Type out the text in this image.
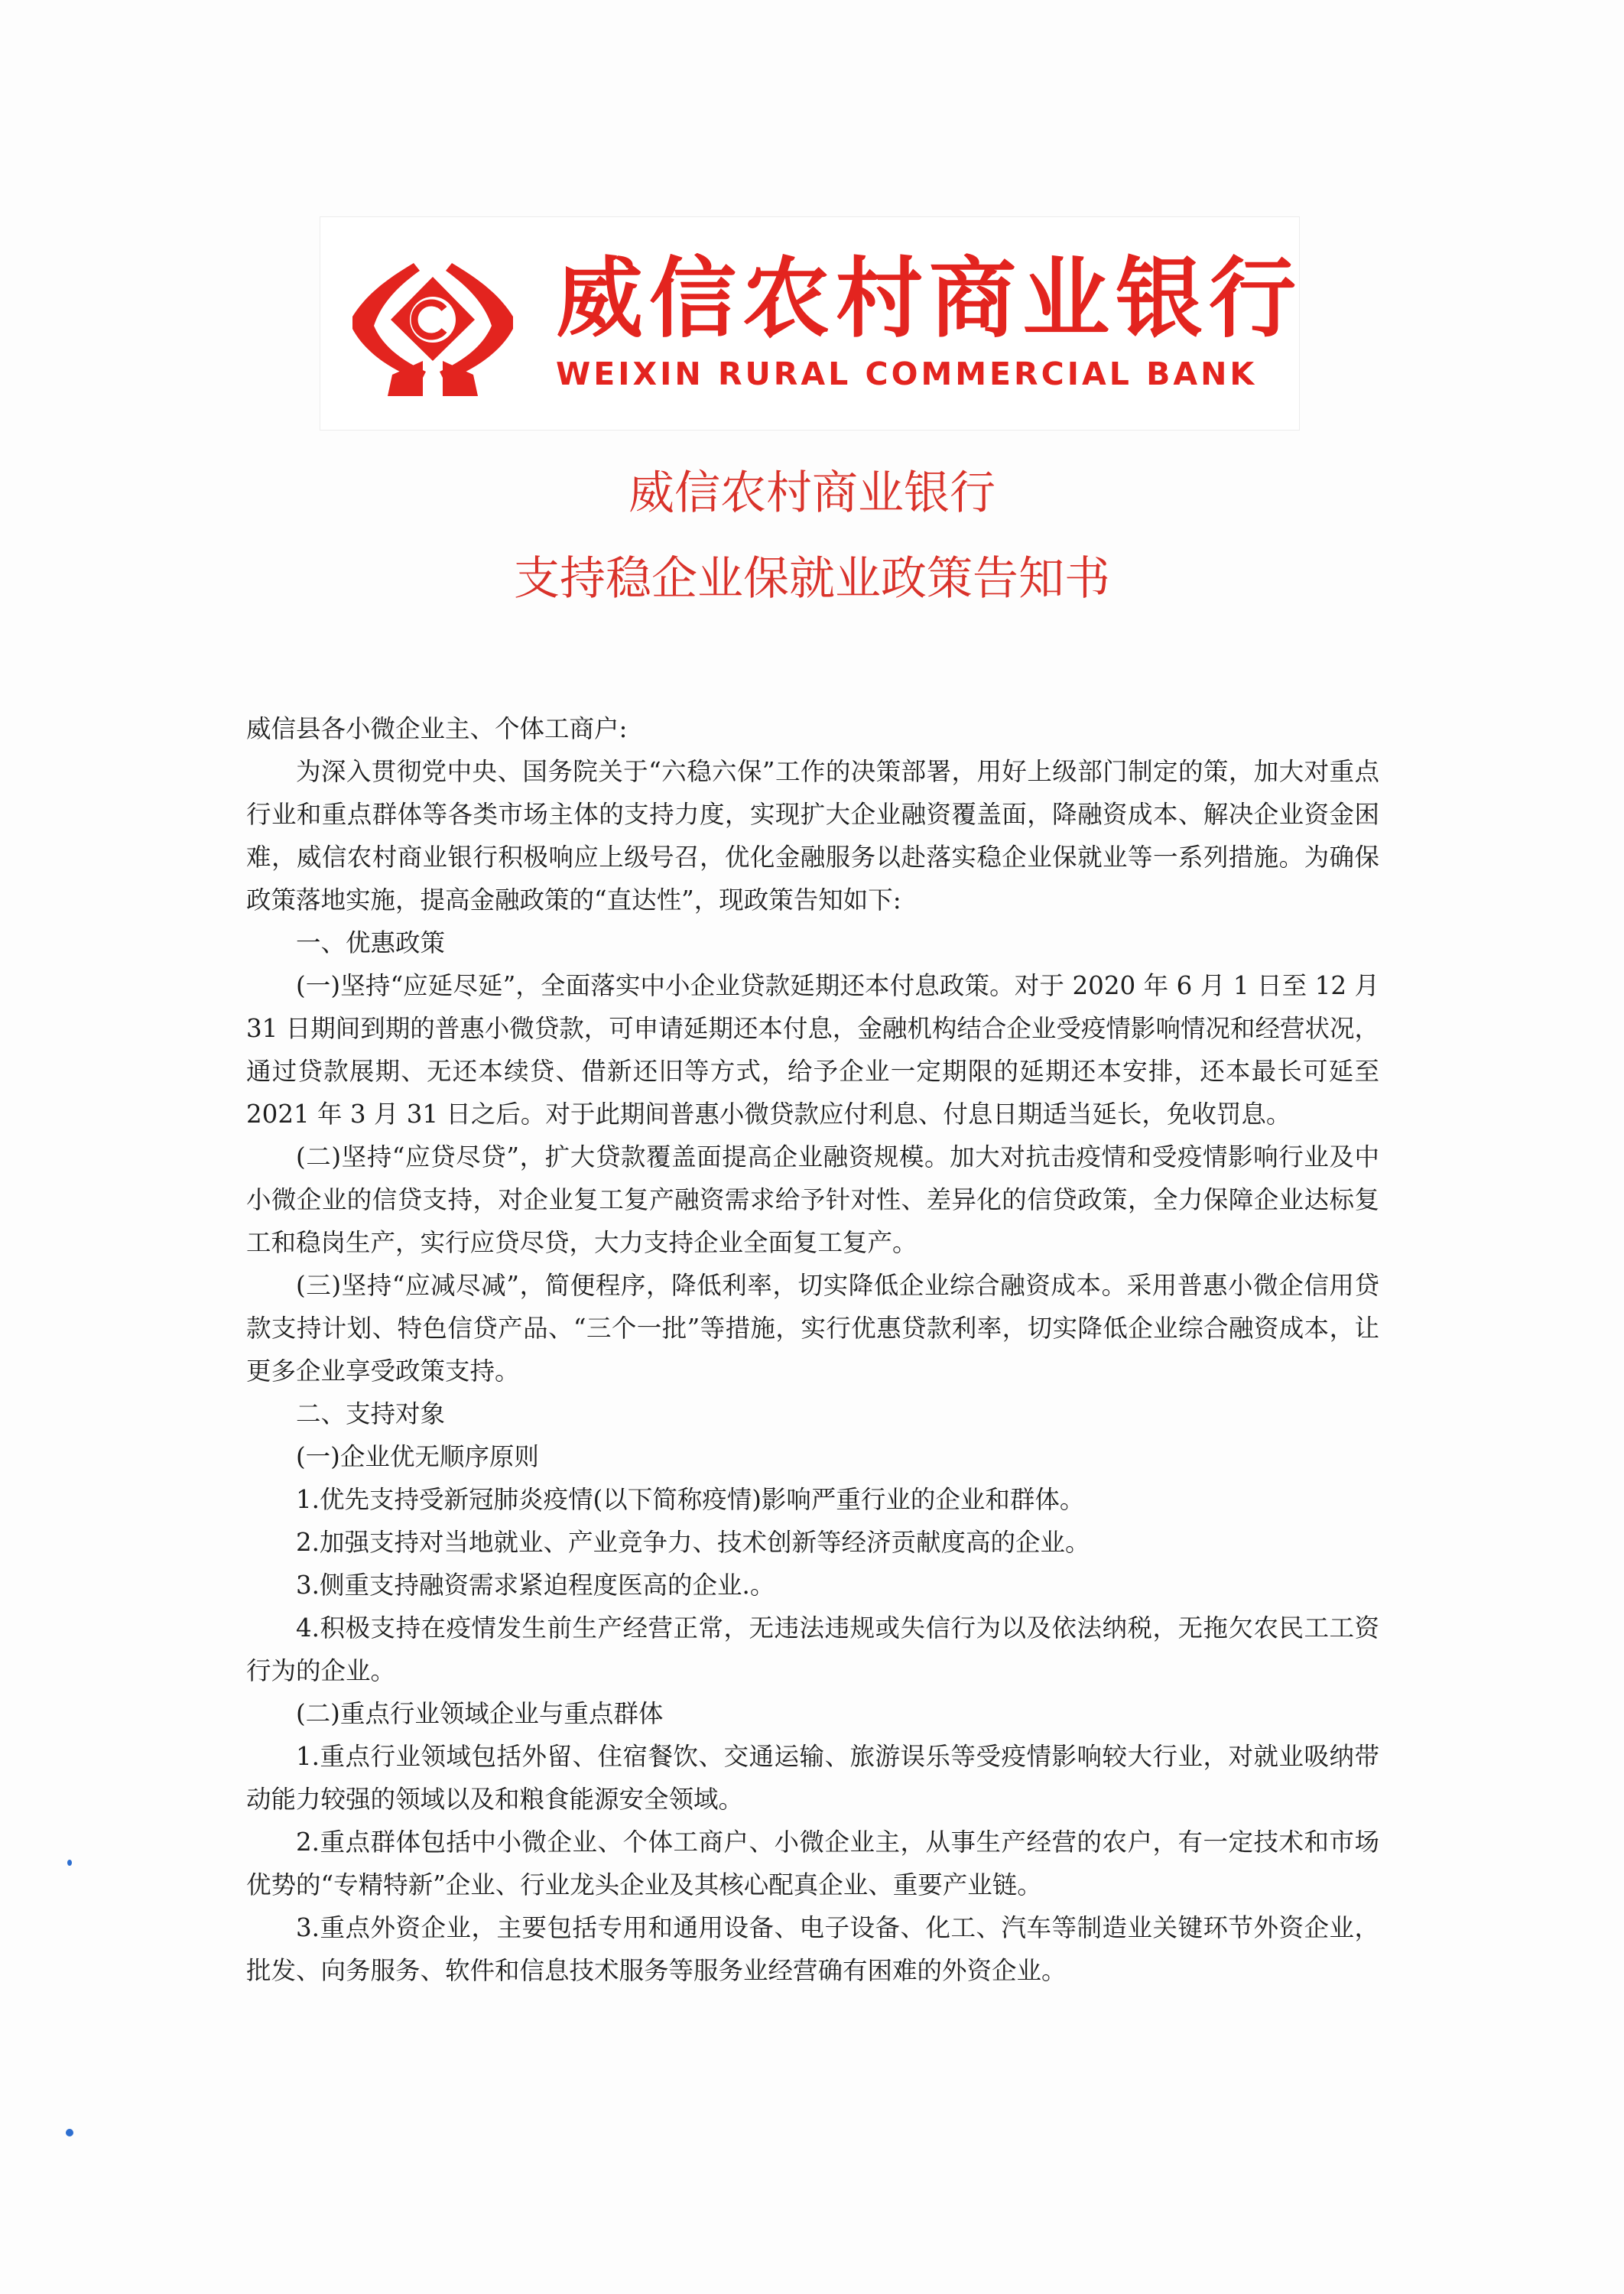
威信农村商业银行
WEIXIN RURAL COMMERCIAL BANK
威信农村商业银行
支持稳企业保就业政策告知书

威信县各小微企业主、个体工商户:

为深入贯彻党中央、国务院关于“六稳六保”工作的决策部署，用好上级部门制定的策，加大对重点行业和重点群体等各类市场主体的支持力度，实现扩大企业融资覆盖面，降融资成本、解决企业资金困难，威信农村商业银行积极响应上级号召，优化金融服务以赴落实稳企业保就业等一系列措施。为确保政策落地实施，提高金融政策的“直达性”，现政策告知如下:

一、优惠政策

(一)坚持“应延尽延”，全面落实中小企业贷款延期还本付息政策。对于 2020 年 6 月 1 日至 12 月 31 日期间到期的普惠小微贷款，可申请延期还本付息，金融机构结合企业受疫情影响情况和经营状况，通过贷款展期、无还本续贷、借新还旧等方式，给予企业一定期限的延期还本安排，还本最长可延至 2021 年 3 月 31 日之后。对于此期间普惠小微贷款应付利息、付息日期适当延长，免收罚息。

(二)坚持“应贷尽贷”，扩大贷款覆盖面提高企业融资规模。加大对抗击疫情和受疫情影响行业及中小微企业的信贷支持，对企业复工复产融资需求给予针对性、差异化的信贷政策，全力保障企业达标复工和稳岗生产，实行应贷尽贷，大力支持企业全面复工复产。

(三)坚持“应减尽减”，简便程序，降低利率，切实降低企业综合融资成本。采用普惠小微企信用贷款支持计划、特色信贷产品、“三个一批”等措施，实行优惠贷款利率，切实降低企业综合融资成本，让更多企业享受政策支持。

二、支持对象

(一)企业优无顺序原则

1.优先支持受新冠肺炎疫情(以下简称疫情)影响严重行业的企业和群体。

2.加强支持对当地就业、产业竞争力、技术创新等经济贡献度高的企业。

3.侧重支持融资需求紧迫程度医高的企业.。

4.积极支持在疫情发生前生产经营正常，无违法违规或失信行为以及依法纳税，无拖欠农民工工资行为的企业。

(二)重点行业领域企业与重点群体

1.重点行业领域包括外留、住宿餐饮、交通运输、旅游误乐等受疫情影响较大行业，对就业吸纳带动能力较强的领域以及和粮食能源安全领域。

2.重点群体包括中小微企业、个体工商户、小微企业主，从事生产经营的农户，有一定技术和市场优势的“专精特新”企业、行业龙头企业及其核心配真企业、重要产业链。

3.重点外资企业，主要包括专用和通用设备、电子设备、化工、汽车等制造业关键环节外资企业，批发、向务服务、软件和信息技术服务等服务业经营确有困难的外资企业。
